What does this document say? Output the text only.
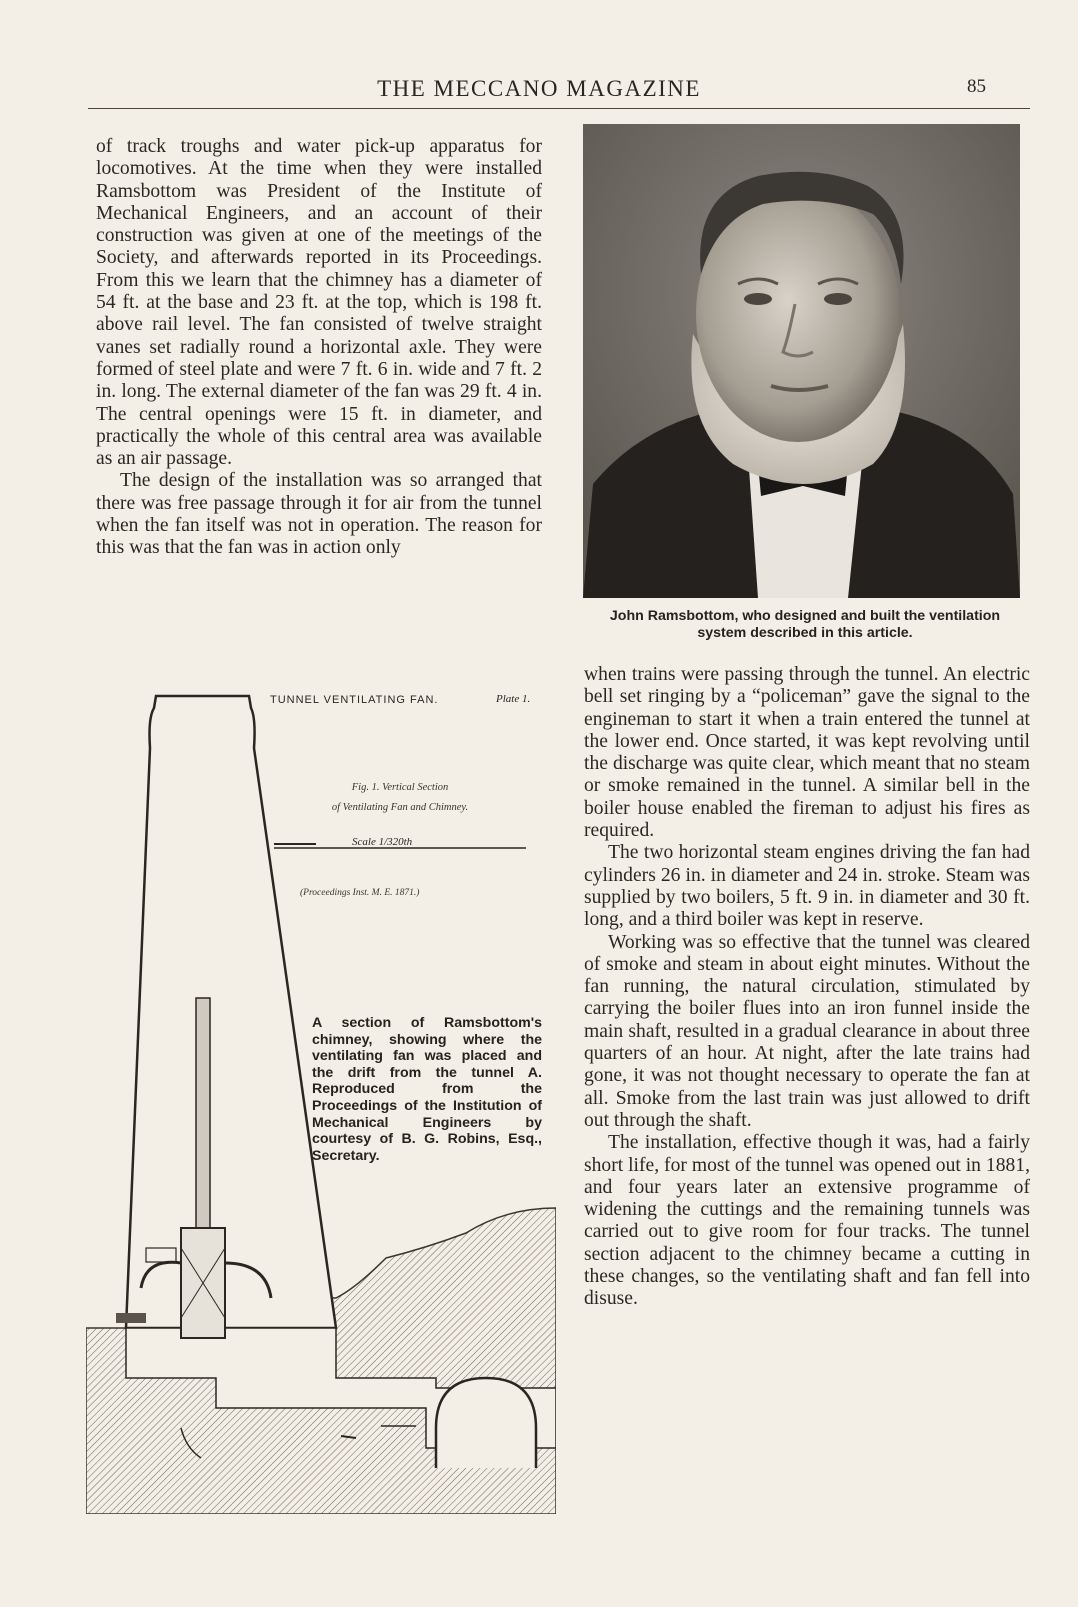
THE MECCANO MAGAZINE	85

of track troughs and water pick-up apparatus for locomotives. At the time when they were installed Ramsbottom was President of the Institute of Mechanical Engineers, and an account of their construction was given at one of the meetings of the Society, and afterwards reported in its Proceedings. From this we learn that the chimney has a diameter of 54 ft. at the base and 23 ft. at the top, which is 198 ft. above rail level. The fan consisted of twelve straight vanes set radially round a horizontal axle. They were formed of steel plate and were 7 ft. 6 in. wide and 7 ft. 2 in. long. The external diameter of the fan was 29 ft. 4 in. The central openings were 15 ft. in diameter, and practically the whole of this central area was available as an air passage.

The design of the installation was so arranged that there was free passage through it for air from the tunnel when the fan itself was not in operation. The reason for this was that the fan was in action only

John Ramsbottom, who designed and built the ventilation system described in this article.
TUNNEL VENTILATING FAN.	Plate 1.
Fig. 1. Vertical Section
of Ventilating Fan and Chimney.
Scale 1/320th
(Proceedings Inst. M. E. 1871.)
A section of Ramsbottom's chimney, showing where the ventilating fan was placed and the drift from the tunnel A. Reproduced from the Proceedings of the Institution of Mechanical Engineers by courtesy of B. G. Robins, Esq., Secretary.

when trains were passing through the tunnel. An electric bell set ringing by a “policeman” gave the signal to the engineman to start it when a train entered the tunnel at the lower end. Once started, it was kept revolving until the discharge was quite clear, which meant that no steam or smoke remained in the tunnel. A similar bell in the boiler house enabled the fireman to adjust his fires as required.

The two horizontal steam engines driving the fan had cylinders 26 in. in diameter and 24 in. stroke. Steam was supplied by two boilers, 5 ft. 9 in. in diameter and 30 ft. long, and a third boiler was kept in reserve.

Working was so effective that the tunnel was cleared of smoke and steam in about eight minutes. Without the fan running, the natural circulation, stimulated by carrying the boiler flues into an iron funnel inside the main shaft, resulted in a gradual clearance in about three quarters of an hour. At night, after the late trains had gone, it was not thought necessary to operate the fan at all. Smoke from the last train was just allowed to drift out through the shaft.

The installation, effective though it was, had a fairly short life, for most of the tunnel was opened out in 1881, and four years later an extensive programme of widening the cuttings and the remaining tunnels was carried out to give room for four tracks. The tunnel section adjacent to the chimney became a cutting in these changes, so the ventilating shaft and fan fell into disuse.
